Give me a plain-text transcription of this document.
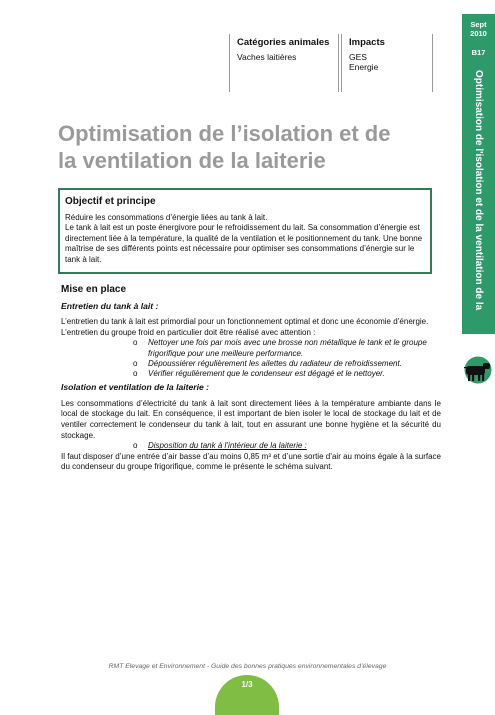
Catégories animales
Vaches laitières
Impacts
GES
Energie
Sept
2010
B17
Optimisation de l'isolation et de la ventilation de la laiterie
Optimisation de l’isolation et de
la ventilation de la laiterie
Objectif et principe

Réduire les consommations d’énergie liées au tank à lait.

Le tank à lait est un poste énergivore pour le refroidissement du lait. Sa consommation d’énergie est directement liée à la température, la qualité de la ventilation et le positionnement du tank. Une bonne maîtrise de ses différents points est nécessaire pour optimiser ses consommations d’énergie sur le tank à lait.

Mise en place
Entretien du tank à lait :
L’entretien du tank à lait est primordial pour un fonctionnement optimal et donc une économie d’énergie.
L’entretien du groupe froid en particulier doit être réalisé avec attention :
o Nettoyer une fois par mois avec une brosse non métallique le tank et le groupe frigorifique pour une meilleure performance.
o Dépoussiérer régulièrement les ailettes du radiateur de refroidissement.
o Vérifier régulièrement que le condenseur est dégagé et le nettoyer.
Isolation et ventilation de la laiterie :
Les consommations d’électricité du tank à lait sont directement liées à la température ambiante dans le local de stockage du lait. En conséquence, il est important de bien isoler le local de stockage du lait et de ventiler correctement le condenseur du tank à lait, tout en assurant une bonne hygiène et la sécurité du stockage.
o Disposition du tank à l’intérieur de la laiterie :
Il faut disposer d’une entrée d’air basse d’au moins 0,85 m³ et d’une sortie d’air au moins égale à la surface du condenseur du groupe frigorifique, comme le présente le schéma suivant.
RMT Elevage et Environnement - Guide des bonnes pratiques environnementales d’élevage
1/3
